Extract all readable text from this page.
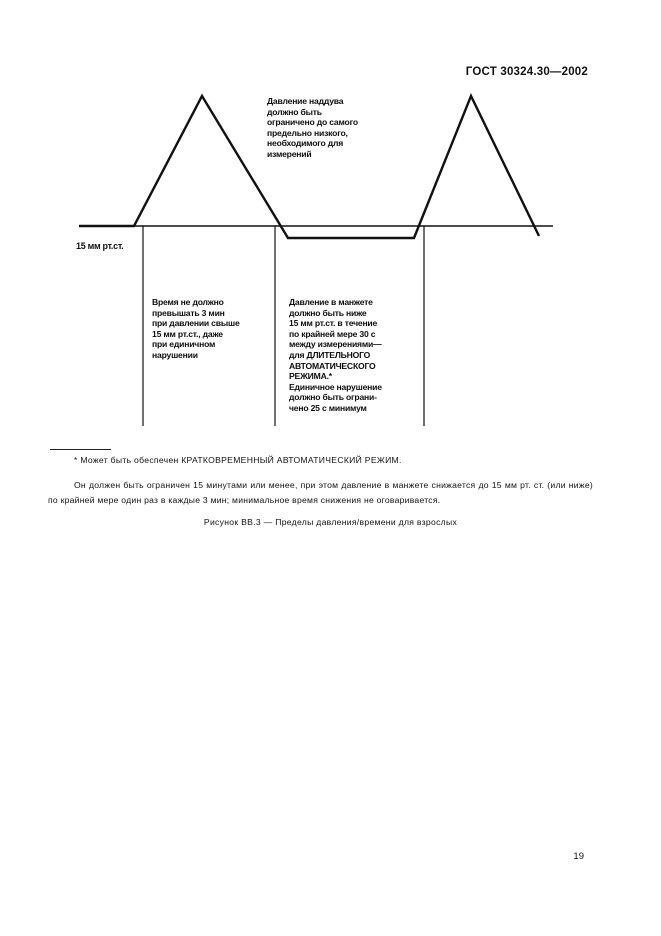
ГОСТ 30324.30—2002
Давление наддува
должно быть
ограничено до самого
предельно низкого,
необходимого для
измерений
15 мм рт.ст.
Время не должно
превышать 3 мин
при давлении свыше
15 мм рт.ст., даже
при единичном
нарушении
Давление в манжете
должно быть ниже
15 мм рт.ст. в течение
по крайней мере 30 с
между измерениями—
для ДЛИТЕЛЬНОГО
АВТОМАТИЧЕСКОГО
РЕЖИМА.*
Единичное нарушение
должно быть ограни-
чено 25 с минимум
* Может быть обеспечен КРАТКОВРЕМЕННЫЙ АВТОМАТИЧЕСКИЙ РЕЖИМ.
Он должен быть ограничен 15 минутами или менее, при этом давление в манжете снижается до 15 мм рт. ст. (или ниже) по крайней мере один раз в каждые 3 мин; минимальное время снижения не оговаривается.
Рисунок ВВ.3 — Пределы давления/времени для взрослых
19
